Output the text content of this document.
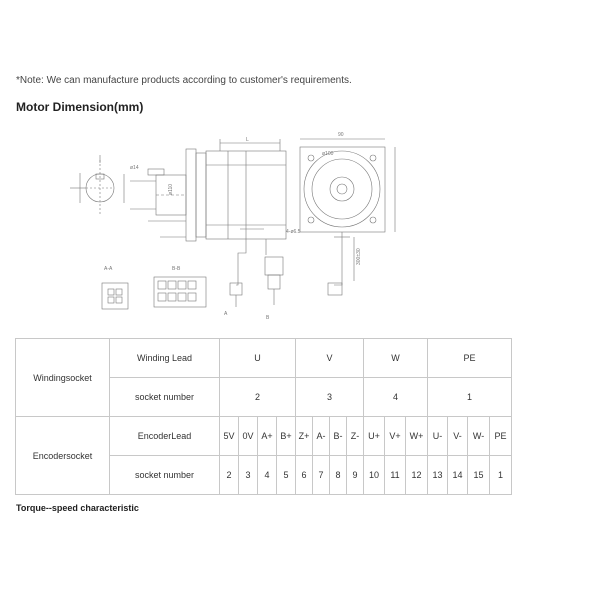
*Note: We can manufacture products according to customer's requirements.
Motor Dimension(mm)
ø14
ø110
L
90
ø100
4-ø6.5
300±30
A-A	B-B
A
B
Windingsocket	Winding Lead	U				V				W			PE			
	socket number	2				3				4			1			
Encodersocket	EncoderLead	5V	0V	A+	B+	Z+	A-	B-	Z-	U+	V+	W+	U-	V-	W-	PE
	socket number	2	3	4	5	6	7	8	9	10	11	12	13	14	15	1
Torque--speed characteristic
